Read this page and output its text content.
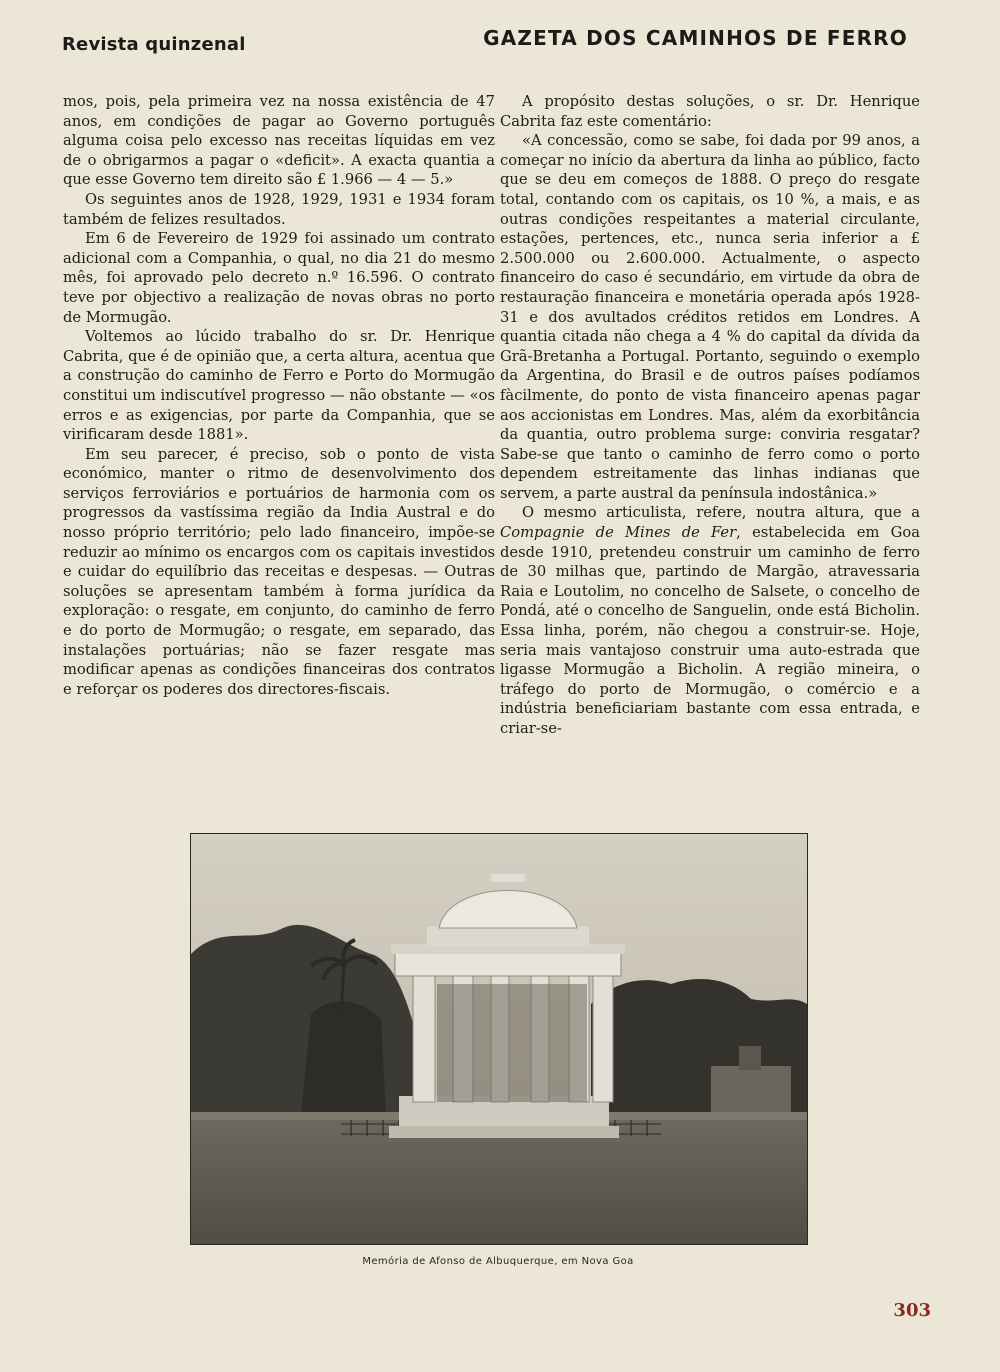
Revista quinzenal	GAZETA DOS CAMINHOS DE FERRO

mos, pois, pela primeira vez na nossa existência de 47 anos, em condições de pagar ao Governo português alguma coisa pelo excesso nas receitas líquidas em vez de o obrigarmos a pagar o «deficit». A exacta quantia a que esse Governo tem direito são £ 1.966 — 4 — 5.»

Os seguintes anos de 1928, 1929, 1931 e 1934 foram também de felizes resultados.

Em 6 de Fevereiro de 1929 foi assinado um contrato adicional com a Companhia, o qual, no dia 21 do mesmo mês, foi aprovado pelo decreto n.º 16.596. O contrato teve por objectivo a realização de novas obras no porto de Mormugão.

Voltemos ao lúcido trabalho do sr. Dr. Henrique Cabrita, que é de opinião que, a certa altura, acentua que a construção do caminho de Ferro e Porto do Mormugão constitui um indiscutível progresso — não obstante — «os erros e as exigencias, por parte da Companhia, que se virificaram desde 1881».

Em seu parecer, é preciso, sob o ponto de vista económico, manter o ritmo de desenvolvimento dos serviços ferroviários e portuários de harmonia com os progressos da vastíssima região da India Austral e do nosso próprio território; pelo lado financeiro, impõe-se reduzir ao mínimo os encargos com os capitais investidos e cuidar do equilíbrio das receitas e despesas. — Outras soluções se apresentam também à forma jurídica da exploração: o resgate, em conjunto, do caminho de ferro e do porto de Mormugão; o resgate, em separado, das instalações portuárias; não se fazer resgate mas modificar apenas as condições financeiras dos contratos e reforçar os poderes dos directores-fiscais.

A propósito destas soluções, o sr. Dr. Henrique Cabrita faz este comentário:

«A concessão, como se sabe, foi dada por 99 anos, a começar no início da abertura da linha ao público, facto que se deu em começos de 1888. O preço do resgate total, contando com os capitais, os 10 %, a mais, e as outras condições respeitantes a material circulante, estações, pertences, etc., nunca seria inferior a £ 2.500.000 ou 2.600.000. Actualmente, o aspecto financeiro do caso é secundário, em virtude da obra de restauração financeira e monetária operada após 1928-31 e dos avultados créditos retidos em Londres. A quantia citada não chega a 4 % do capital da dívida da Grã-Bretanha a Portugal. Portanto, seguindo o exemplo da Argentina, do Brasil e de outros países podíamos fàcilmente, do ponto de vista financeiro apenas pagar aos accionistas em Londres. Mas, além da exorbitância da quantia, outro problema surge: conviria resgatar? Sabe-se que tanto o caminho de ferro como o porto dependem estreitamente das linhas indianas que servem, a parte austral da península indostânica.»

O mesmo articulista, refere, noutra altura, que a Compagnie de Mines de Fer, estabelecida em Goa desde 1910, pretendeu construir um caminho de ferro de 30 milhas que, partindo de Margão, atravessaria Raia e Loutolim, no concelho de Salsete, o concelho de Pondá, até o concelho de Sanguelin, onde está Bicholin. Essa linha, porém, não chegou a construir-se. Hoje, seria mais vantajoso construir uma auto-estrada que ligasse Mormugão a Bicholin. A região mineira, o tráfego do porto de Mormugão, o comércio e a indústria beneficiariam bastante com essa entrada, e criar-se-

Memória de Afonso de Albuquerque, em Nova Goa
303
